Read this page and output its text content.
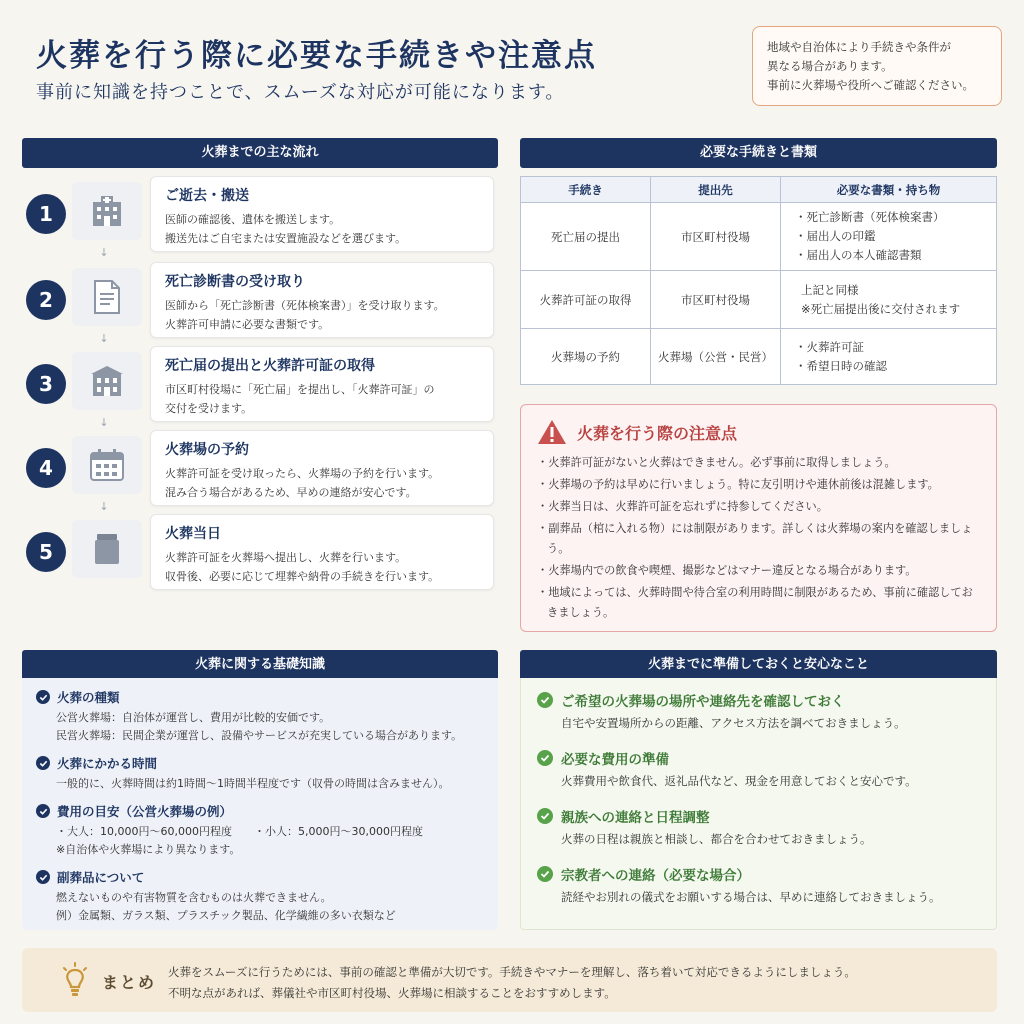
火葬を行う際に必要な手続きや注意点
事前に知識を持つことで、スムーズな対応が可能になります。
地域や自治体により手続きや条件が
異なる場合があります。
事前に火葬場や役所へご確認ください。
火葬までの主な流れ
1
ご逝去・搬送
医師の確認後、遺体を搬送します。
搬送先はご自宅または安置施設などを選びます。
↓
2
死亡診断書の受け取り
医師から「死亡診断書（死体検案書）」を受け取ります。
火葬許可申請に必要な書類です。
↓
3
死亡届の提出と火葬許可証の取得
市区町村役場に「死亡届」を提出し、「火葬許可証」の
交付を受けます。
↓
4
火葬場の予約
火葬許可証を受け取ったら、火葬場の予約を行います。
混み合う場合があるため、早めの連絡が安心です。
↓
5
火葬当日
火葬許可証を火葬場へ提出し、火葬を行います。
収骨後、必要に応じて埋葬や納骨の手続きを行います。
必要な手続きと書類
手続き	提出先	必要な書類・持ち物
死亡届の提出	市区町村役場	・死亡診断書（死体検案書）
・届出人の印鑑
・届出人の本人確認書類

火葬許可証の取得	市区町村役場	上記と同様
※死亡届提出後に交付されます

火葬場の予約	火葬場（公営・民営）	・火葬許可証
・希望日時の確認
火葬を行う際の注意点
・火葬許可証がないと火葬はできません。必ず事前に取得しましょう。
・火葬場の予約は早めに行いましょう。特に友引明けや連休前後は混雑します。
・火葬当日は、火葬許可証を忘れずに持参してください。
・副葬品（棺に入れる物）には制限があります。詳しくは火葬場の案内を確認しましょう。
・火葬場内での飲食や喫煙、撮影などはマナー違反となる場合があります。
・地域によっては、火葬時間や待合室の利用時間に制限があるため、事前に確認しておきましょう。
火葬に関する基礎知識
火葬の種類
公営火葬場：自治体が運営し、費用が比較的安価です。
民営火葬場：民間企業が運営し、設備やサービスが充実している場合があります。
火葬にかかる時間
一般的に、火葬時間は約1時間〜1時間半程度です（収骨の時間は含みません）。
費用の目安（公営火葬場の例）
・大人：10,000円〜60,000円程度　　・小人：5,000円〜30,000円程度
※自治体や火葬場により異なります。
副葬品について
燃えないものや有害物質を含むものは火葬できません。
例）金属類、ガラス類、プラスチック製品、化学繊維の多い衣類など
火葬までに準備しておくと安心なこと
ご希望の火葬場の場所や連絡先を確認しておく
自宅や安置場所からの距離、アクセス方法を調べておきましょう。
必要な費用の準備
火葬費用や飲食代、返礼品代など、現金を用意しておくと安心です。
親族への連絡と日程調整
火葬の日程は親族と相談し、都合を合わせておきましょう。
宗教者への連絡（必要な場合）
読経やお別れの儀式をお願いする場合は、早めに連絡しておきましょう。
まとめ
火葬をスムーズに行うためには、事前の確認と準備が大切です。手続きやマナーを理解し、落ち着いて対応できるようにしましょう。
不明な点があれば、葬儀社や市区町村役場、火葬場に相談することをおすすめします。
